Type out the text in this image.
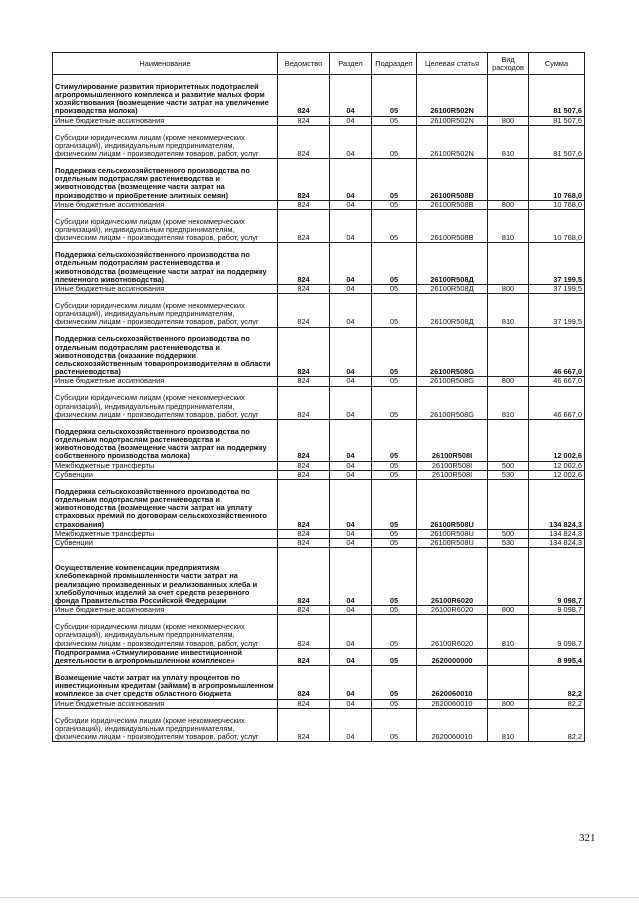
Наименование	Ведомство	Раздел	Подраздел	Целевая статья	Вид расходов	Сумма
Стимулирование развития приоритетных подотраслей агропромышленного комплекса и развитие малых форм хозяйствования (возмещение части затрат на увеличение производства молока)	824	04	05	26100R502N		81 507,6
Иные бюджетные ассигнования	824	04	05	26100R502N	800	81 507,6
Субсидии юридическим лицам (кроме некоммерческих организаций), индивидуальным предпринимателям, физическим лицам - производителям товаров, работ, услуг	824	04	05	26100R502N	810	81 507,6
Поддержка сельскохозяйственного производства по отдельным подотраслям растениеводства и животноводства (возмещение части затрат на производство и приобретение элитных семян)	824	04	05	26100R508B		10 768,0
Иные бюджетные ассигнования	824	04	05	26100R508B	800	10 768,0
Субсидии юридическим лицам (кроме некоммерческих организаций), индивидуальным предпринимателям, физическим лицам - производителям товаров, работ, услуг	824	04	05	26100R508B	810	10 768,0
Поддержка сельскохозяйственного производства по отдельным подотраслям растениеводства и животноводства (возмещение части затрат на поддержку племенного животноводства)	824	04	05	26100R508Д		37 199,5
Иные бюджетные ассигнования	824	04	05	26100R508Д	800	37 199,5
Субсидии юридическим лицам (кроме некоммерческих организаций), индивидуальным предпринимателям, физическим лицам - производителям товаров, работ, услуг	824	04	05	26100R508Д	810	37 199,5
Поддержка сельскохозяйственного производства по отдельным подотраслям растениеводства и животноводства (оказание поддержки сельскохозяйственным товаропроизводителям в области растениеводства)	824	04	05	26100R508G		46 667,0
Иные бюджетные ассигнования	824	04	05	26100R508G	800	46 667,0
Субсидии юридическим лицам (кроме некоммерческих организаций), индивидуальным предпринимателям, физическим лицам - производителям товаров, работ, услуг	824	04	05	26100R508G	810	46 667,0
Поддержка сельскохозяйственного производства по отдельным подотраслям растениеводства и животноводства (возмещение части затрат на поддержку собственного производства молока)	824	04	05	26100R508I		12 002,6
Межбюджетные трансферты	824	04	05	26100R508I	500	12 002,6
Субвенции	824	04	05	26100R508I	530	12 002,6
Поддержка сельскохозяйственного производства по отдельным подотраслям растениеводства и животноводства (возмещение части затрат на уплату страховых премий по договорам сельскохозяйственного страхования)	824	04	05	26100R508U		134 824,3
Межбюджетные трансферты	824	04	05	26100R508U	500	134 824,3
Субвенции	824	04	05	26100R508U	530	134 824,3
Осуществление компенсации предприятиям хлебопекарной промышленности части затрат на реализацию произведенных и реализованных хлеба и хлебобулочных изделий за счет средств резервного фонда Правительства Российской Федерации	824	04	05	26100R6020		9 098,7
Иные бюджетные ассигнования	824	04	05	26100R6020	800	9 098,7
Субсидии юридическим лицам (кроме некоммерческих организаций), индивидуальным предпринимателям, физическим лицам - производителям товаров, работ, услуг	824	04	05	26100R6020	810	9 098,7
Подпрограмма «Стимулирование инвестиционной деятельности в агропромышленном комплексе»	824	04	05	2620000000		8 995,4
Возмещение части затрат на уплату процентов по инвестиционным кредитам (займам) в агропромышленном комплексе за счет средств областного бюджета	824	04	05	2620060010		82,2
Иные бюджетные ассигнования	824	04	05	2620060010	800	82,2
Субсидии юридическим лицам (кроме некоммерческих организаций), индивидуальным предпринимателям, физическим лицам - производителям товаров, работ, услуг	824	04	05	2620060010	810	82,2
321
